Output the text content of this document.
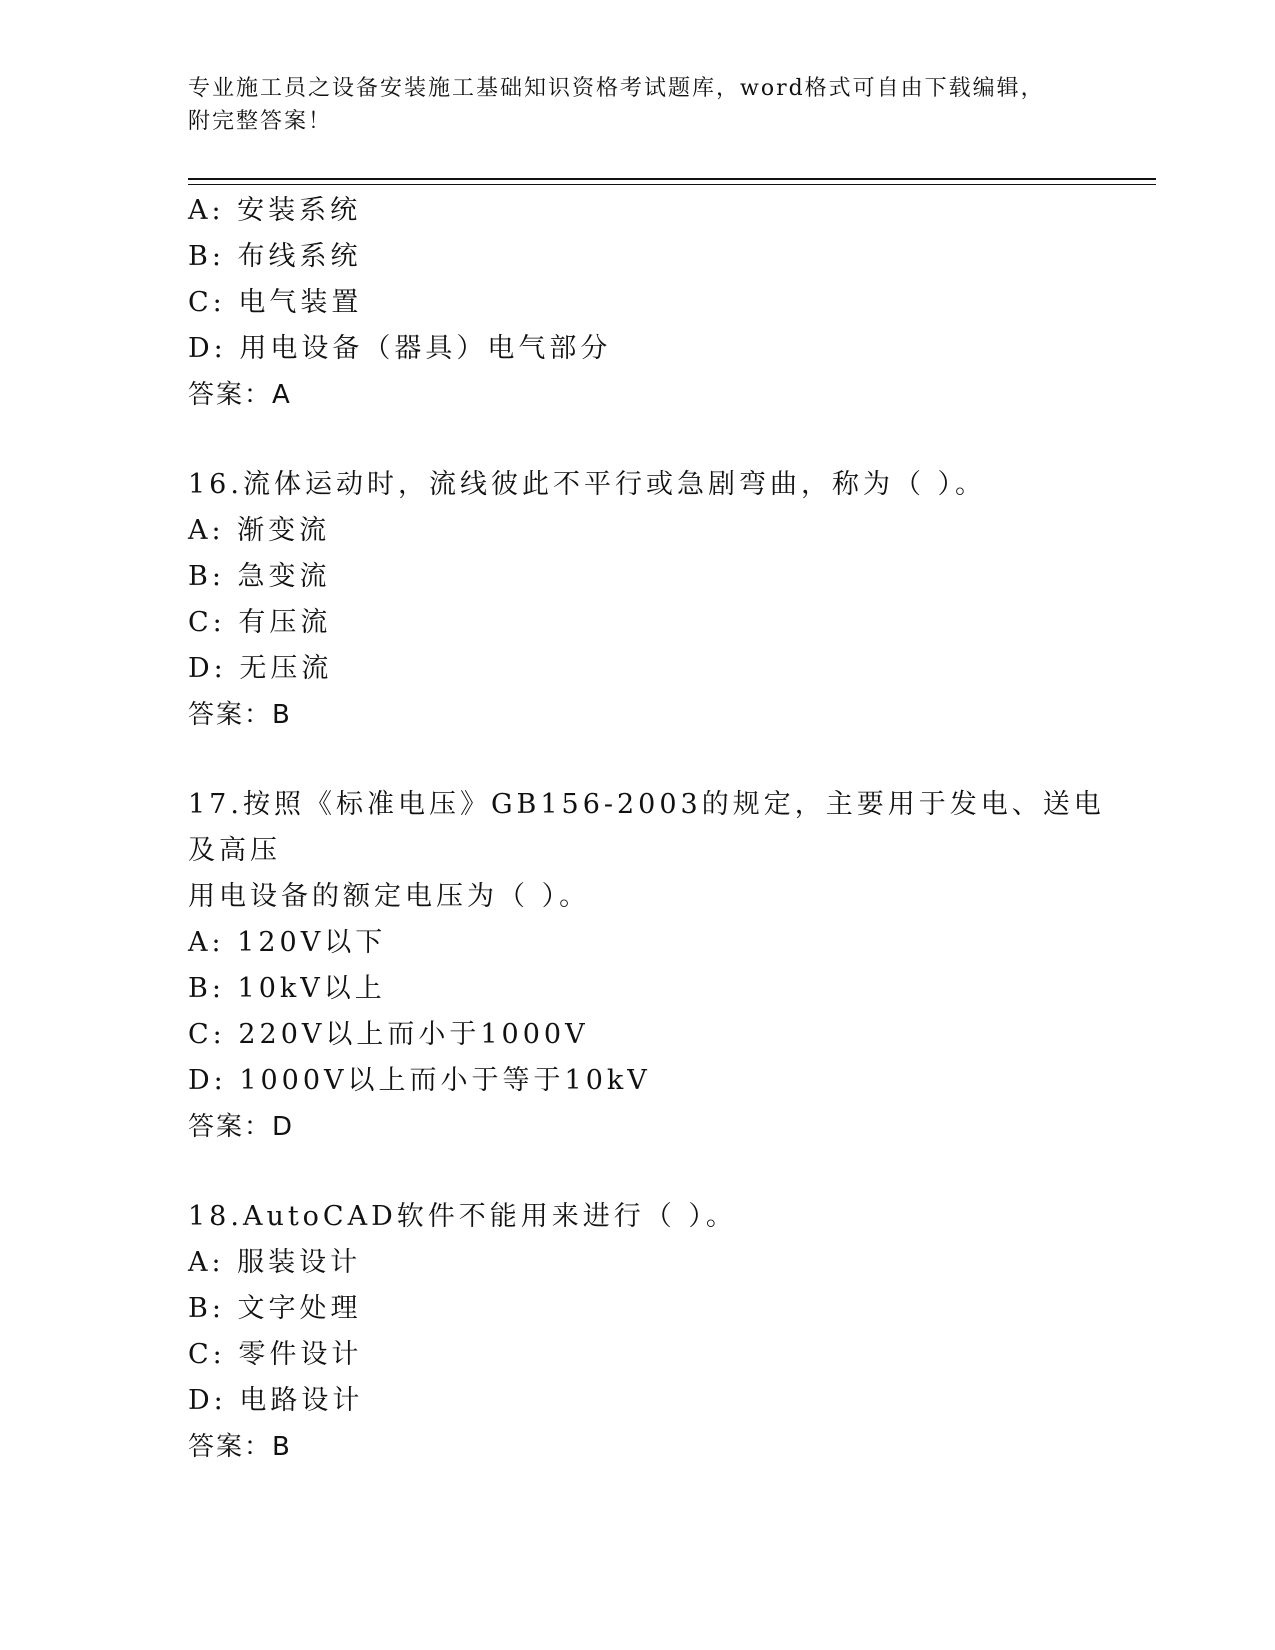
专业施工员之设备安装施工基础知识资格考试题库，word格式可自由下载编辑，
附完整答案！
A: 安装系统
B: 布线系统
C: 电气装置
D: 用电设备（器具）电气部分
答案：A
16.流体运动时，流线彼此不平行或急剧弯曲，称为（ ）。
A: 渐变流
B: 急变流
C: 有压流
D: 无压流
答案：B
17.按照《标准电压》GB156-2003的规定，主要用于发电、送电及高压
用电设备的额定电压为（ ）。
A: 120V以下
B: 10kV以上
C: 220V以上而小于1000V
D: 1000V以上而小于等于10kV
答案：D
18.AutoCAD软件不能用来进行（ ）。
A: 服装设计
B: 文字处理
C: 零件设计
D: 电路设计
答案：B
